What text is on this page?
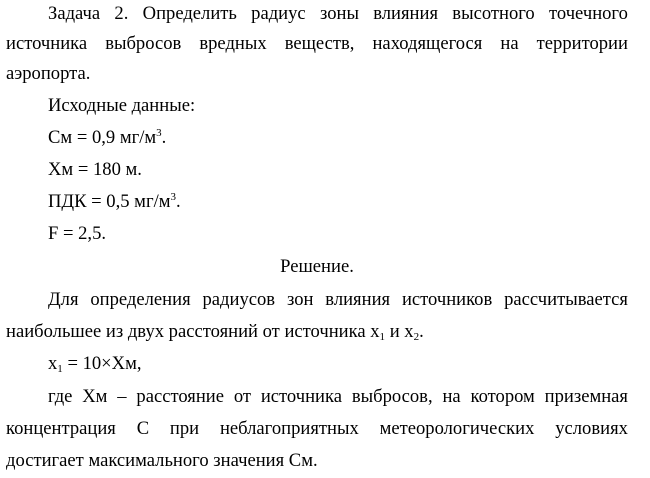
Задача 2. Определить радиус зоны влияния высотного точечного
источника выбросов вредных веществ, находящегося на территории
аэропорта.
Исходные данные:
См = 0,9 $мг/м^3$.
Хм = 180 м.
ПДК = 0,5 $мг/м^3$.
F = 2,5.
Решение.
Для определения радиусов зон влияния источников рассчитывается
наибольшее из двух расстояний от источника $x_1$ и $x_2$.
$x_1 = 10\times Хм$,
где Хм – расстояние от источника выбросов, на котором приземная
концентрация С при неблагоприятных метеорологических условиях
достигает максимального значения См.
